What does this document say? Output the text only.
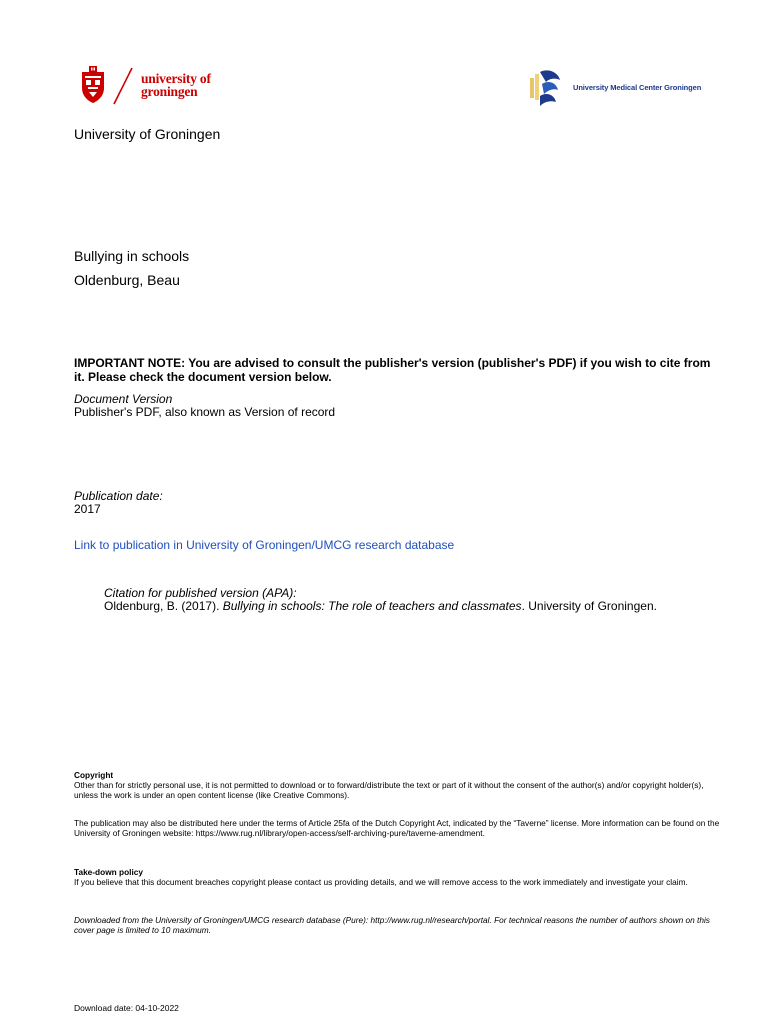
university of
groningen	University Medical Center Groningen
University of Groningen
Bullying in schools
Oldenburg, Beau
IMPORTANT NOTE: You are advised to consult the publisher's version (publisher's PDF) if you wish to cite from it. Please check the document version below.
Document Version
Publisher's PDF, also known as Version of record
Publication date:
2017
Link to publication in University of Groningen/UMCG research database
Citation for published version (APA):
Oldenburg, B. (2017). Bullying in schools: The role of teachers and classmates. University of Groningen.
Copyright
Other than for strictly personal use, it is not permitted to download or to forward/distribute the text or part of it without the consent of the author(s) and/or copyright holder(s), unless the work is under an open content license (like Creative Commons).
The publication may also be distributed here under the terms of Article 25fa of the Dutch Copyright Act, indicated by the “Taverne” license. More information can be found on the University of Groningen website: https://www.rug.nl/library/open-access/self-archiving-pure/taverne-amendment.
Take-down policy
If you believe that this document breaches copyright please contact us providing details, and we will remove access to the work immediately and investigate your claim.
Downloaded from the University of Groningen/UMCG research database (Pure): http://www.rug.nl/research/portal. For technical reasons the number of authors shown on this cover page is limited to 10 maximum.
Download date: 04-10-2022
